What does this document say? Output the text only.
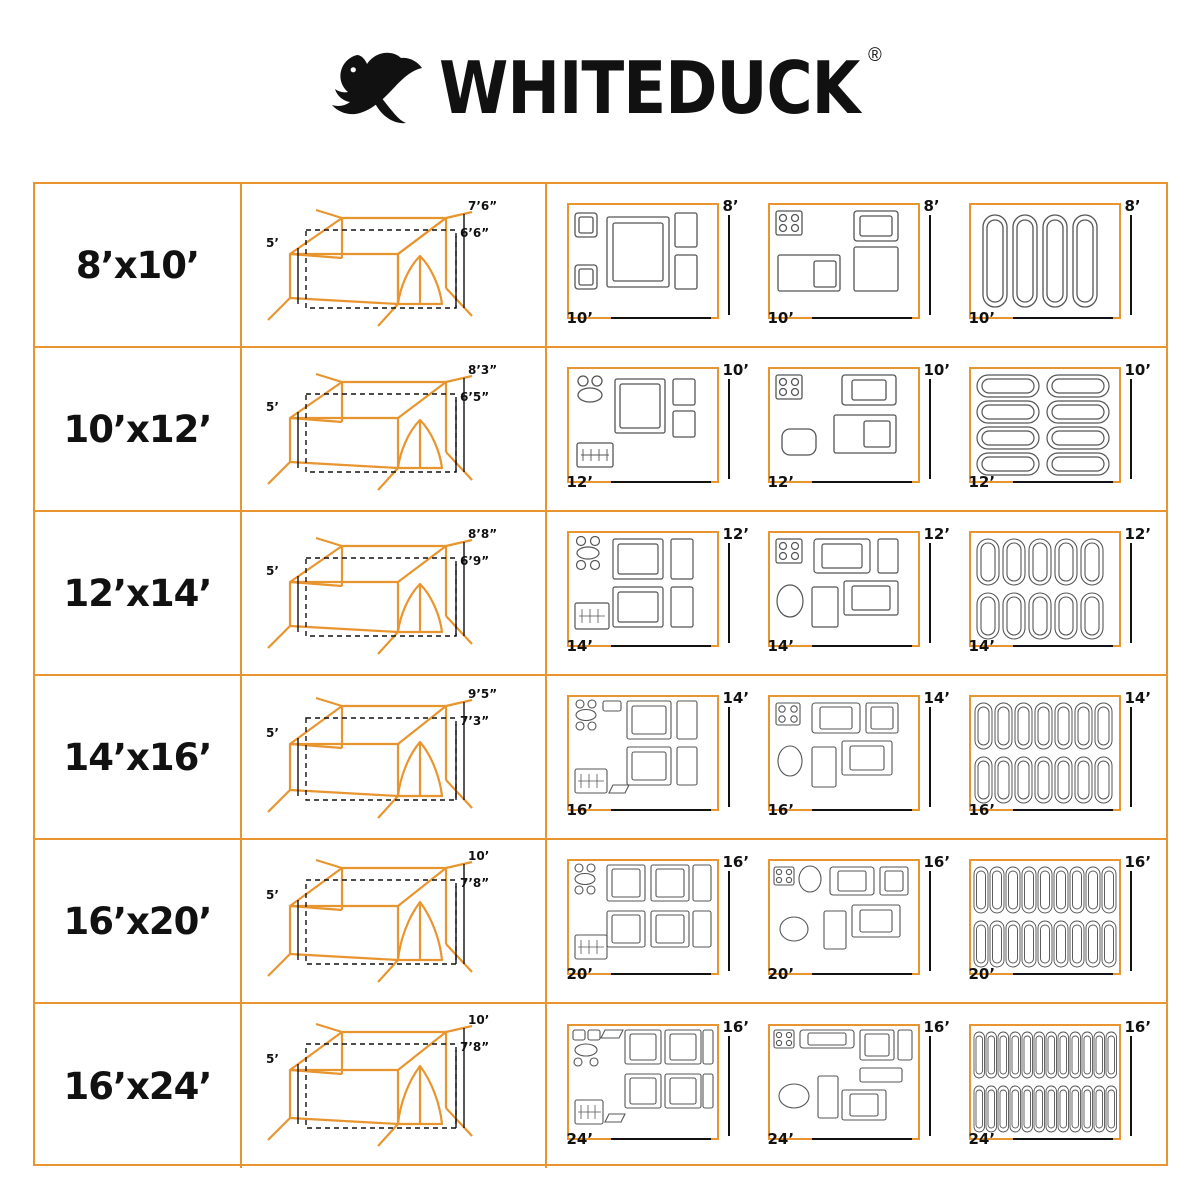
WHITEDUCK ®
8’x10’
7’6”
6’6”
5’
8’
10’
8’
10’
8’
10’
10’x12’
8’3”
6’5”
5’
10’
12’
10’
12’
10’
12’
12’x14’
8’8”
6’9”
5’
12’
14’
12’
14’
12’
14’
14’x16’
9’5”
7’3”
5’
14’
16’
14’
16’
14’
16’
16’x20’
10’
7’8”
5’
16’
20’
16’
20’
16’
20’
16’x24’
10’
7’8”
5’
16’
24’
16’
24’
16’
24’
